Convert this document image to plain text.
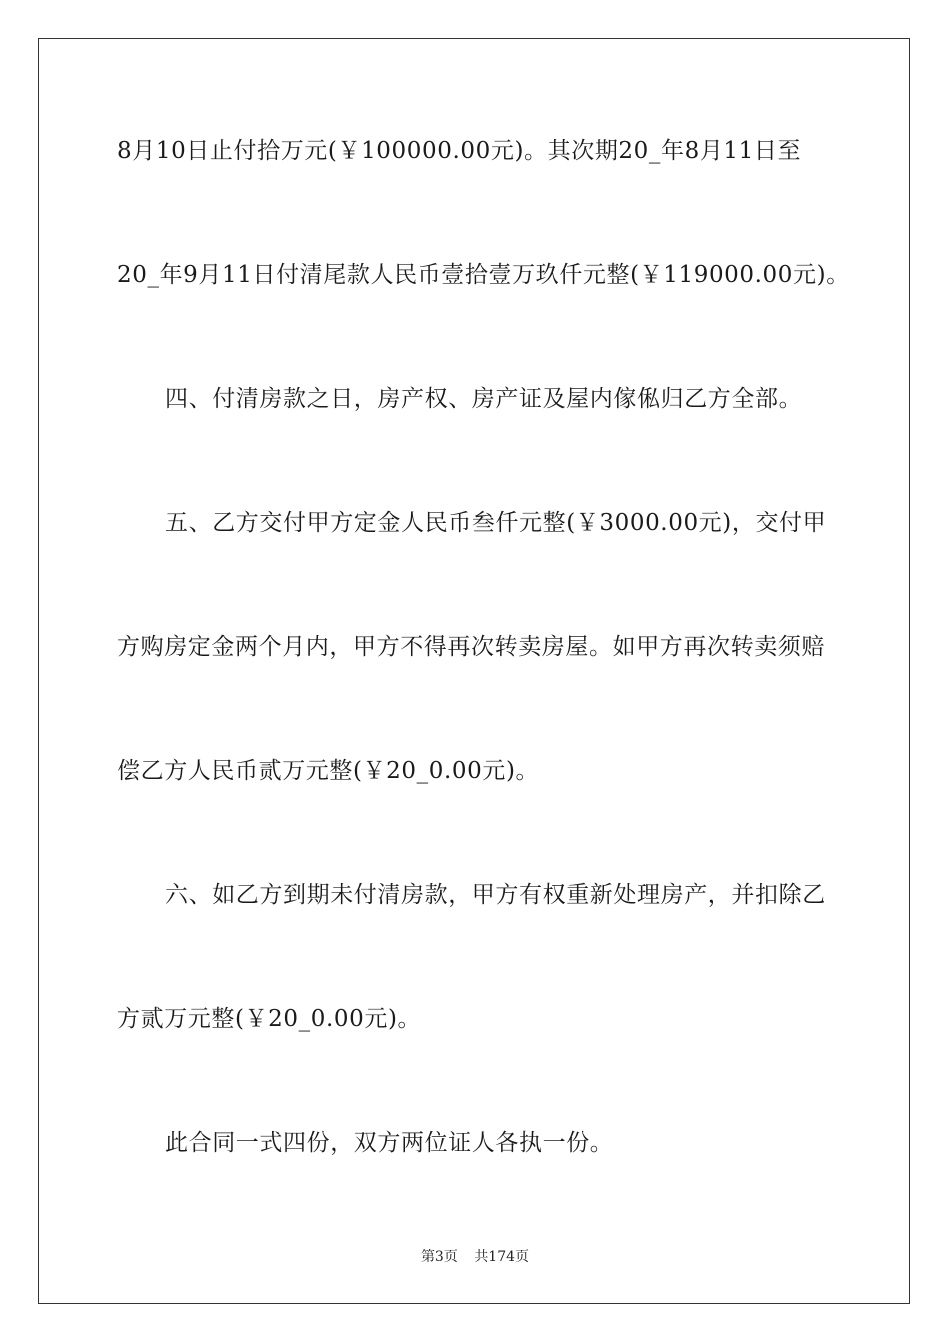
8月10日止付拾万元(￥100000.00元)。其次期20_年8月11日至
20_年9月11日付清尾款人民币壹拾壹万玖仟元整(￥119000.00元)。
四、付清房款之日，房产权、房产证及屋内傢俬归乙方全部。
五、乙方交付甲方定金人民币叁仟元整(￥3000.00元)，交付甲
方购房定金两个月内，甲方不得再次转卖房屋。如甲方再次转卖须赔
偿乙方人民币贰万元整(￥20_0.00元)。
六、如乙方到期未付清房款，甲方有权重新处理房产，并扣除乙
方贰万元整(￥20_0.00元)。
此合同一式四份，双方两位证人各执一份。
第3页 共174页
